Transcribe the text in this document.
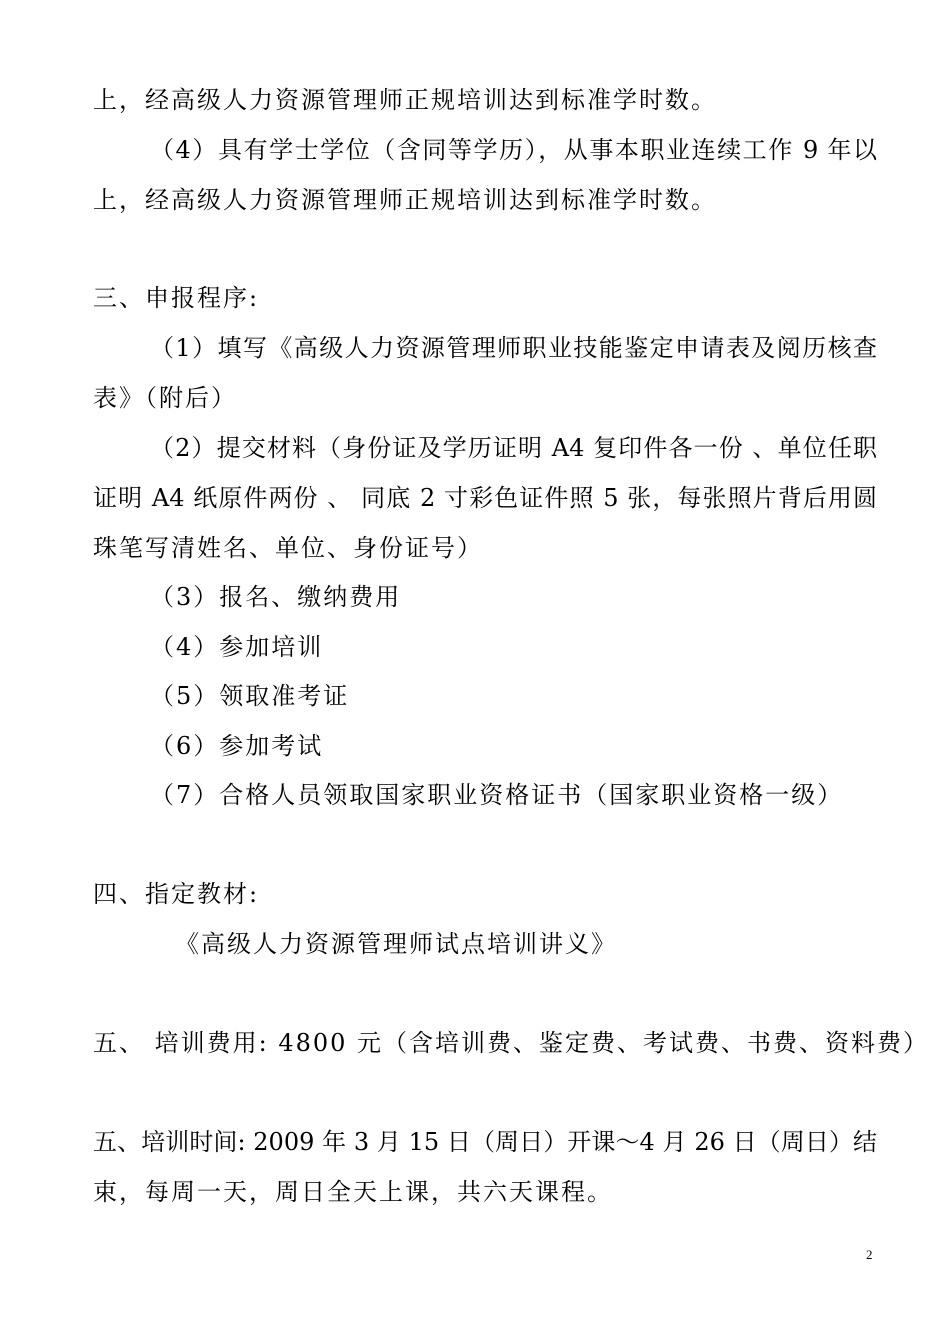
上，经高级人力资源管理师正规培训达到标准学时数。
（4）具有学士学位（含同等学历），从事本职业连续工作 9 年以
上，经高级人力资源管理师正规培训达到标准学时数。
三、申报程序:
（1）填写《高级人力资源管理师职业技能鉴定申请表及阅历核查
表》（附后）
（2）提交材料（身份证及学历证明 A4 复印件各一份 、单位任职
证明 A4 纸原件两份 、 同底 2 寸彩色证件照 5 张，每张照片背后用圆
珠笔写清姓名、单位、身份证号）
（3）报名、缴纳费用
（4）参加培训
（5）领取准考证
（6）参加考试
（7）合格人员领取国家职业资格证书（国家职业资格一级）
四、指定教材:
《高级人力资源管理师试点培训讲义》
五、 培训费用: 4800 元（含培训费、鉴定费、考试费、书费、资料费）
五、培训时间: 2009 年 3 月 15 日（周日）开课～4 月 26 日（周日）结
束，每周一天，周日全天上课，共六天课程。
2
